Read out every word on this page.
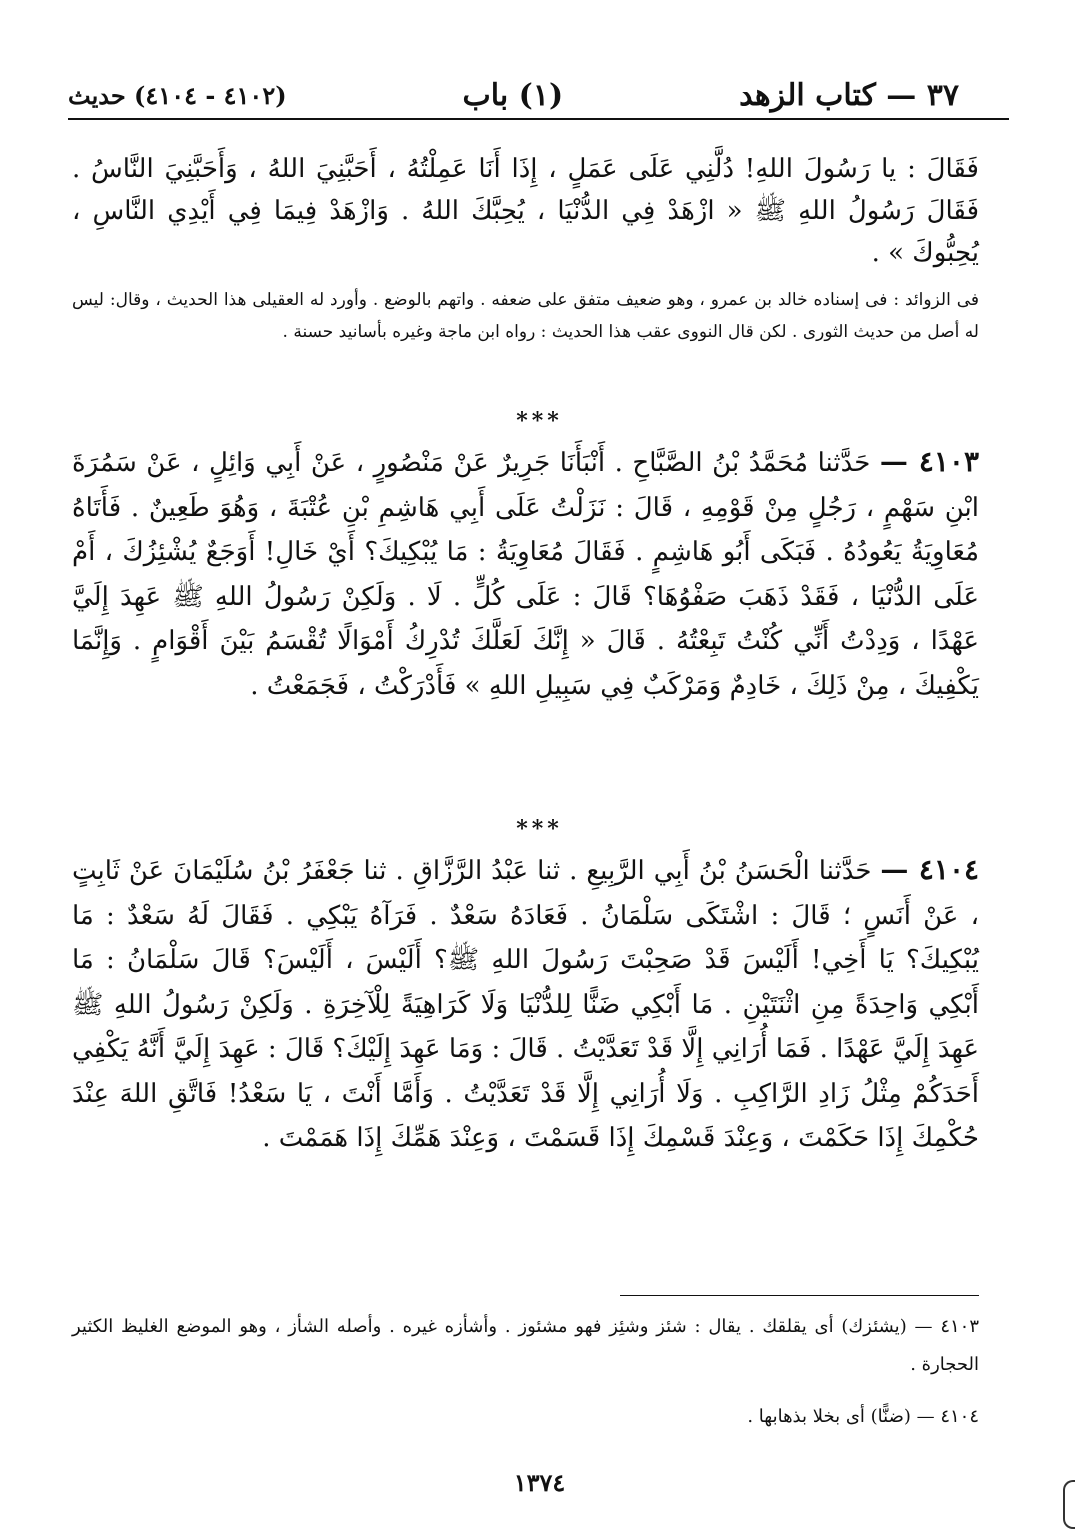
٣٧ — كتاب الزهد
(١) باب
(٤١٠٢ - ٤١٠٤) حديث
فَقَالَ : يا رَسُولَ اللهِ! دُلَّنِي عَلَى عَمَلٍ ، إِذَا أَنَا عَمِلْتُهُ ، أَحَبَّنِيَ اللهُ ، وَأَحَبَّنِيَ النَّاسُ . فَقَالَ رَسُولُ اللهِ ﷺ « ازْهَدْ فِي الدُّنْيَا ، يُحِبَّكَ اللهُ . وَازْهَدْ فِيمَا فِي أَيْدِي النَّاسِ ، يُحِبُّوكَ » .
فى الزوائد : فى إسناده خالد بن عمرو ، وهو ضعيف متفق على ضعفه . واتهم بالوضع . وأورد له العقيلى هذا الحديث ، وقال: ليس له أصل من حديث الثورى . لكن قال النووى عقب هذا الحديث : رواه ابن ماجة وغيره بأسانيد حسنة .
***
٤١٠٣ — حَدَّثنا مُحَمَّدُ بْنُ الصَّبَّاحِ . أَنْبَأَنَا جَرِيرٌ عَنْ مَنْصُورٍ ، عَنْ أَبِي وَائِلٍ ، عَنْ سَمُرَةَ ابْنِ سَهْمٍ ، رَجُلٍ مِنْ قَوْمِهِ ، قَالَ : نَزَلْتُ عَلَى أَبِي هَاشِمِ بْنِ عُتْبَةَ ، وَهُوَ طَعِينٌ . فَأَتَاهُ مُعَاوِيَةُ يَعُودُهُ . فَبَكَى أَبُو هَاشِمٍ . فَقَالَ مُعَاوِيَةُ : مَا يُبْكِيكَ؟ أَيْ خَالِ! أَوَجَعٌ يُشْئِزُكَ ، أَمْ عَلَى الدُّنْيَا ، فَقَدْ ذَهَبَ صَفْوُهَا؟ قَالَ : عَلَى كُلٍّ . لَا . وَلَكِنْ رَسُولُ اللهِ ﷺ عَهِدَ إِلَيَّ عَهْدًا ، وَدِدْتُ أَنِّي كُنْتُ تَبِعْتُهُ . قَالَ « إِنَّكَ لَعَلَّكَ تُدْرِكُ أَمْوَالًا تُقْسَمُ بَيْنَ أَقْوَامٍ . وَإِنَّمَا يَكْفِيكَ ، مِنْ ذَلِكَ ، خَادِمٌ وَمَرْكَبٌ فِي سَبِيلِ اللهِ » فَأَدْرَكْتُ ، فَجَمَعْتُ .
***
٤١٠٤ — حَدَّثنا الْحَسَنُ بْنُ أَبِي الرَّبِيعِ . ثنا عَبْدُ الرَّزَّاقِ . ثنا جَعْفَرُ بْنُ سُلَيْمَانَ عَنْ ثَابِتٍ ، عَنْ أَنَسٍ ؛ قَالَ : اشْتَكَى سَلْمَانُ . فَعَادَهُ سَعْدٌ . فَرَآهُ يَبْكِي . فَقَالَ لَهُ سَعْدٌ : مَا يُبْكِيكَ؟ يَا أَخِي! أَلَيْسَ قَدْ صَحِبْتَ رَسُولَ اللهِ ﷺ؟ أَلَيْسَ ، أَلَيْسَ؟ قَالَ سَلْمَانُ : مَا أَبْكِي وَاحِدَةً مِنِ اثْنَتَيْنِ . مَا أَبْكِي ضَنًّا لِلدُّنْيَا وَلَا كَرَاهِيَةً لِلْآخِرَةِ . وَلَكِنْ رَسُولُ اللهِ ﷺ عَهِدَ إِلَيَّ عَهْدًا . فَمَا أُرَانِي إِلَّا قَدْ تَعَدَّيْتُ . قَالَ : وَمَا عَهِدَ إِلَيْكَ؟ قَالَ : عَهِدَ إِلَيَّ أَنَّهُ يَكْفِي أَحَدَكُمْ مِثْلُ زَادِ الرَّاكِبِ . وَلَا أُرَانِي إِلَّا قَدْ تَعَدَّيْتُ . وَأَمَّا أَنْتَ ، يَا سَعْدُ! فَاتَّقِ اللهَ عِنْدَ حُكْمِكَ إِذَا حَكَمْتَ ، وَعِنْدَ قَسْمِكَ إِذَا قَسَمْتَ ، وَعِنْدَ هَمِّكَ إِذَا هَمَمْتَ .
٤١٠٣ — (يشئزك) أى يقلقك . يقال : شئز وشئِز فهو مشئوز . وأشأزه غيره . وأصله الشأز ، وهو الموضع الغليظ الكثير الحجارة .
٤١٠٤ — (ضنًّا) أى بخلا بذهابها .
١٣٧٤
